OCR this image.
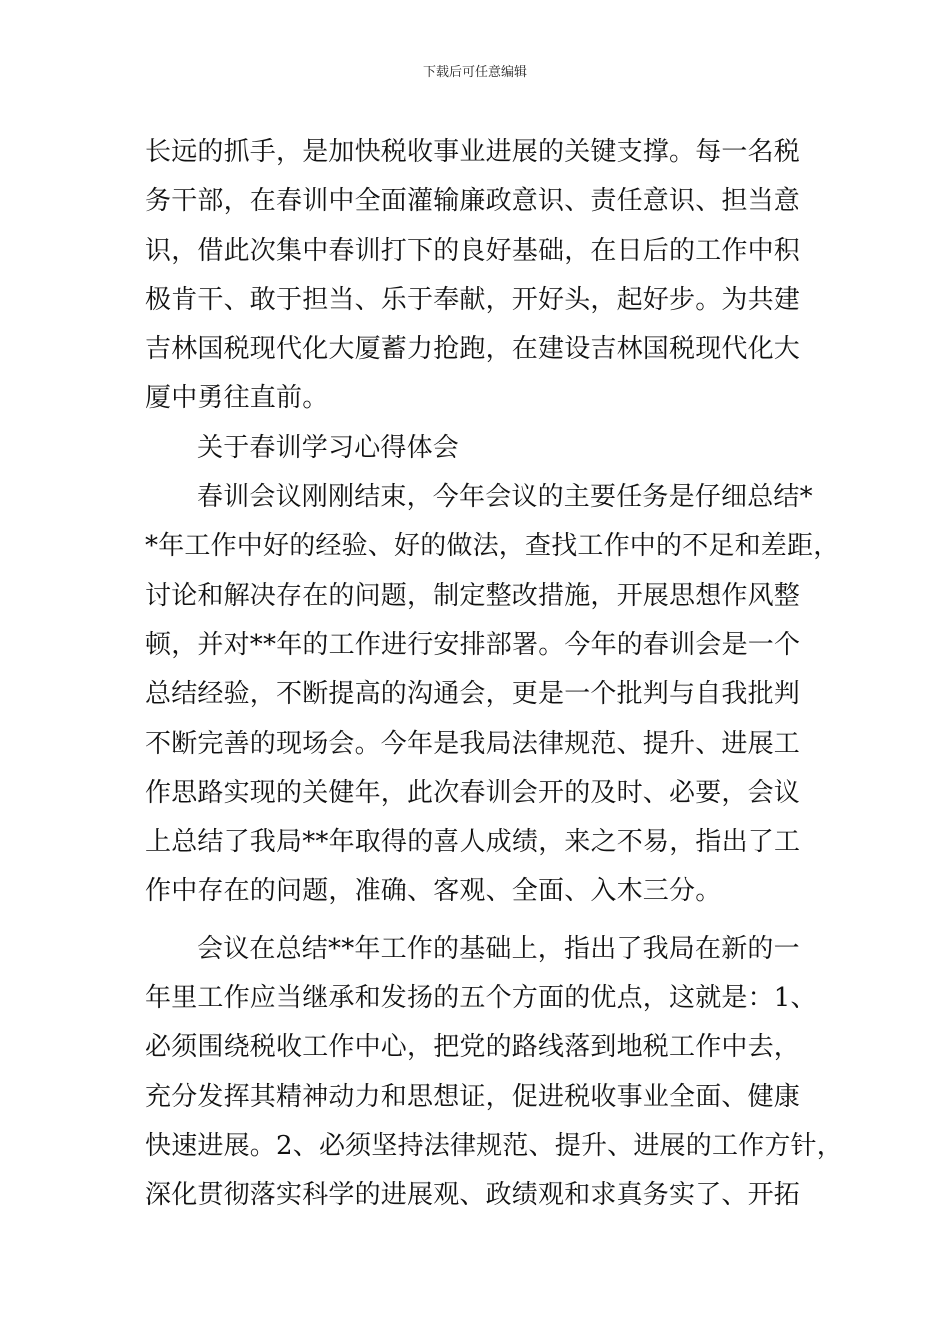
下载后可任意编辑
长远的抓手，是加快税收事业进展的关键支撑。每一名税
务干部，在春训中全面灌输廉政意识、责任意识、担当意
识，借此次集中春训打下的良好基础，在日后的工作中积
极肯干、敢于担当、乐于奉献，开好头，起好步。为共建
吉林国税现代化大厦蓄力抢跑，在建设吉林国税现代化大
厦中勇往直前。
关于春训学习心得体会
春训会议刚刚结束，今年会议的主要任务是仔细总结*
*年工作中好的经验、好的做法，查找工作中的不足和差距，
讨论和解决存在的问题，制定整改措施，开展思想作风整
顿，并对**年的工作进行安排部署。今年的春训会是一个
总结经验，不断提高的沟通会，更是一个批判与自我批判
不断完善的现场会。今年是我局法律规范、提升、进展工
作思路实现的关健年，此次春训会开的及时、必要，会议
上总结了我局**年取得的喜人成绩，来之不易，指出了工
作中存在的问题，准确、客观、全面、入木三分。
会议在总结**年工作的基础上，指出了我局在新的一
年里工作应当继承和发扬的五个方面的优点，这就是：1、
必须围绕税收工作中心，把党的路线落到地税工作中去，
充分发挥其精神动力和思想证，促进税收事业全面、健康
快速进展。2、必须坚持法律规范、提升、进展的工作方针，
深化贯彻落实科学的进展观、政绩观和求真务实了、开拓
